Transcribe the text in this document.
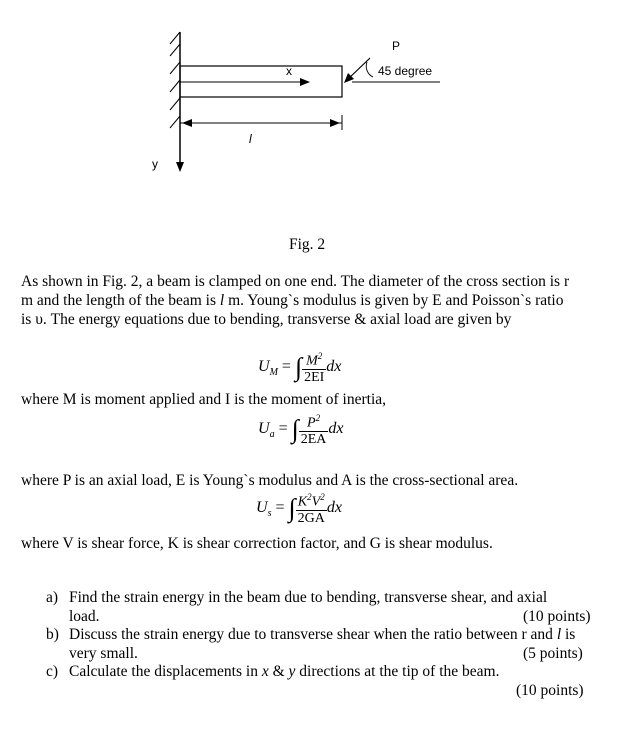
P
45 degree
x
l
y
Fig. 2
As shown in Fig. 2, a beam is clamped on one end. The diameter of the cross section is r
m and the length of the beam is l m. Young`s modulus is given by E and Poisson`s ratio
is υ. The energy equations due to bending, transverse & axial load are given by
$U_M$ = ∫ $\frac{M^2}{2EI}$ dx
where M is moment applied and I is the moment of inertia,
$U_a$ = ∫ $\frac{P^2}{2EA}$ dx
where P is an axial load, E is Young`s modulus and A is the cross-sectional area.
$U_s$ = ∫ $\frac{K^2V^2}{2GA}$ dx
where V is shear force, K is shear correction factor, and G is shear modulus.
a) Find the strain energy in the beam due to bending, transverse shear, and axial
load.	(10 points)
b) Discuss the strain energy due to transverse shear when the ratio between r and l is
very small.	(5 points)
c) Calculate the displacements in x & y directions at the tip of the beam.
(10 points)
